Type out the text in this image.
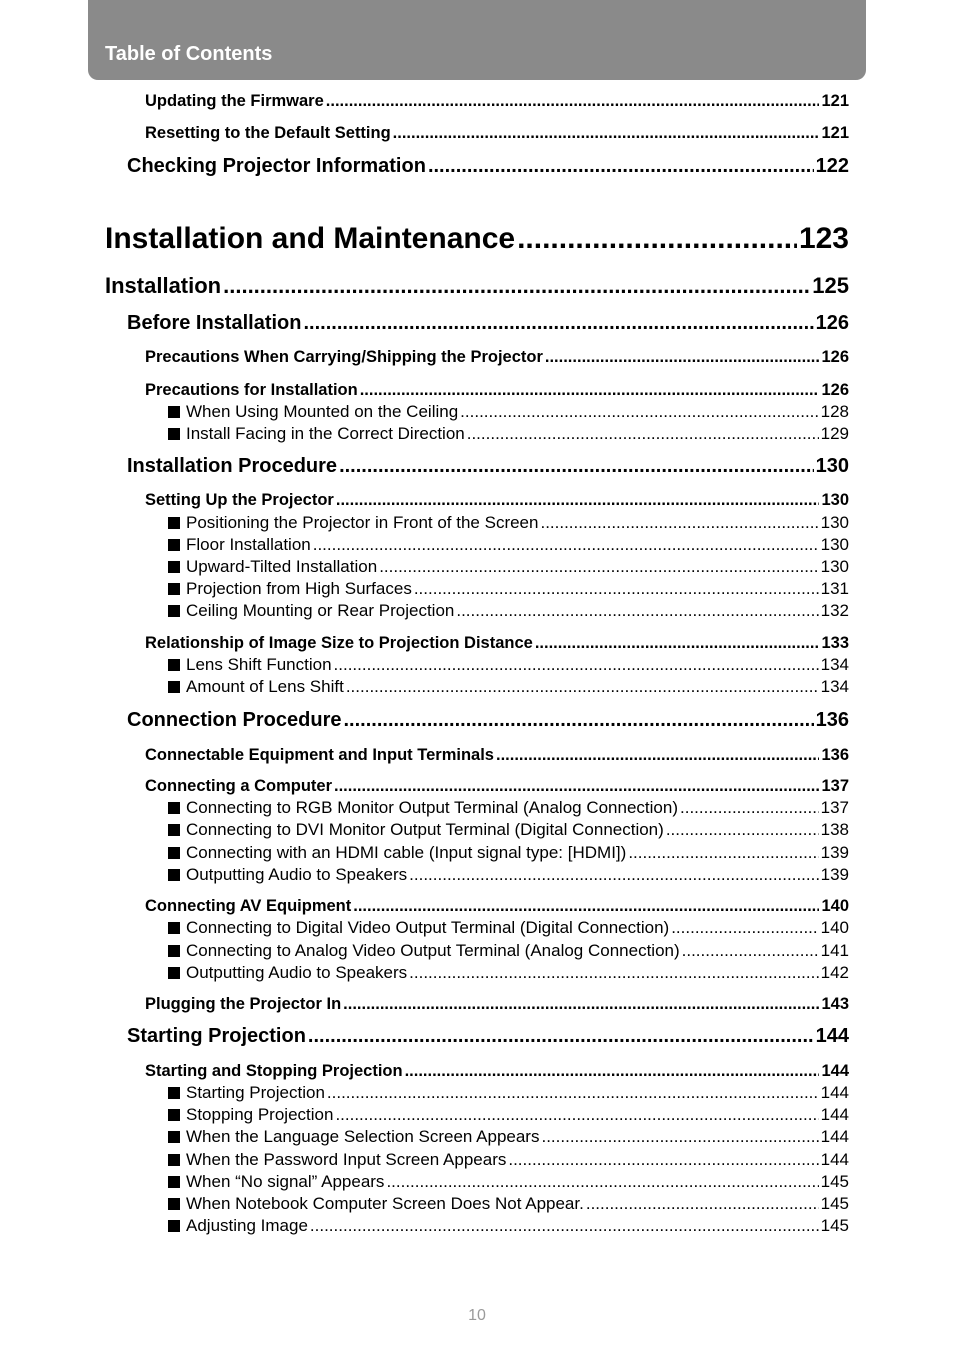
Table of Contents
Updating the Firmware .....	121
Resetting to the Default Setting .....	121
Checking Projector Information .....	122
Installation and Maintenance .....	123
Installation .....	125
Before Installation .....	126
Precautions When Carrying/Shipping the Projector .....	126
Precautions for Installation .....	126
When Using Mounted on the Ceiling .....	128
Install Facing in the Correct Direction .....	129
Installation Procedure .....	130
Setting Up the Projector .....	130
Positioning the Projector in Front of the Screen .....	130
Floor Installation .....	130
Upward-Tilted Installation .....	130
Projection from High Surfaces .....	131
Ceiling Mounting or Rear Projection .....	132
Relationship of Image Size to Projection Distance .....	133
Lens Shift Function .....	134
Amount of Lens Shift .....	134
Connection Procedure .....	136
Connectable Equipment and Input Terminals .....	136
Connecting a Computer .....	137
Connecting to RGB Monitor Output Terminal (Analog Connection) .....	137
Connecting to DVI Monitor Output Terminal (Digital Connection) .....	138
Connecting with an HDMI cable (Input signal type: [HDMI]) .....	139
Outputting Audio to Speakers .....	139
Connecting AV Equipment .....	140
Connecting to Digital Video Output Terminal (Digital Connection) .....	140
Connecting to Analog Video Output Terminal (Analog Connection) .....	141
Outputting Audio to Speakers .....	142
Plugging the Projector In .....	143
Starting Projection .....	144
Starting and Stopping Projection .....	144
Starting Projection .....	144
Stopping Projection .....	144
When the Language Selection Screen Appears .....	144
When the Password Input Screen Appears .....	144
When “No signal” Appears .....	145
When Notebook Computer Screen Does Not Appear. .....	145
Adjusting Image .....	145
10
